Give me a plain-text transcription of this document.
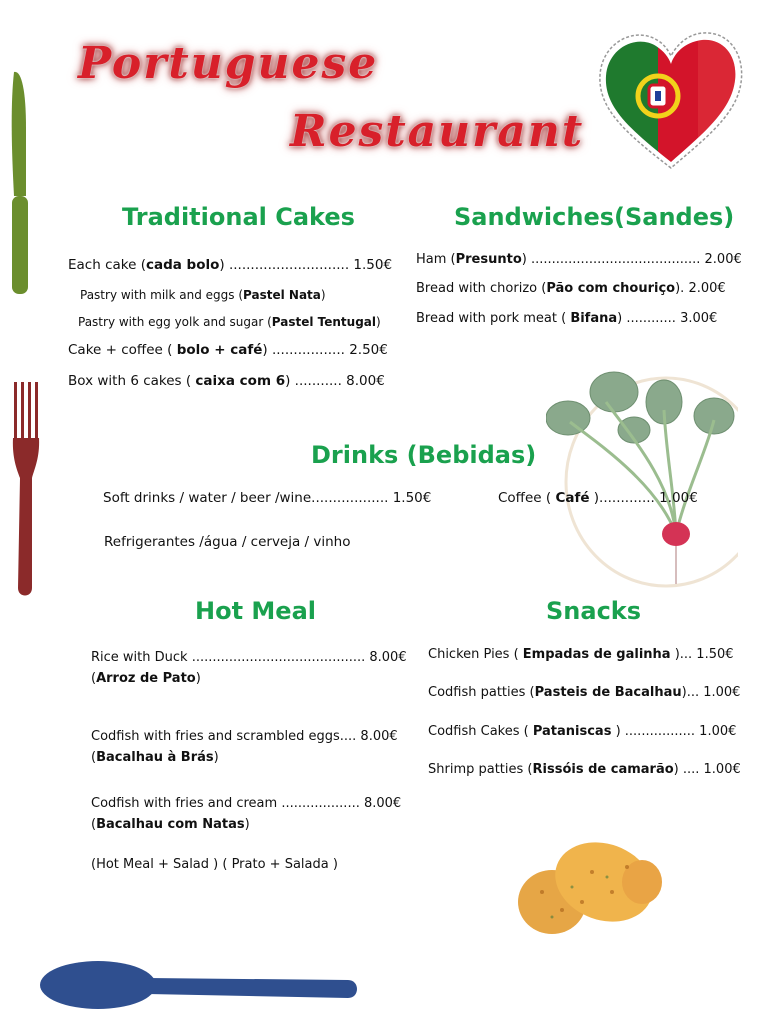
Portuguese
Restaurant
Traditional Cakes
Each cake (cada bolo) ............................ 1.50€
Pastry with milk and eggs (Pastel Nata)
Pastry with egg yolk and sugar (Pastel Tentugal)
Cake + coffee ( bolo + café) ................. 2.50€
Box with 6 cakes ( caixa com 6) ........... 8.00€
Sandwiches(Sandes)
Ham (Presunto) ......................................... 2.00€
Bread with chorizo (Pão com chouriço). 2.00€
Bread with pork meat ( Bifana) ............ 3.00€
Drinks (Bebidas)
Soft drinks / water / beer /wine.................. 1.50€	Coffee ( Café )............. 1.00€
Refrigerantes /água / cerveja / vinho
Hot Meal
Rice with Duck .......................................... 8.00€
(Arroz de Pato)
Codfish with fries and scrambled eggs.... 8.00€
(Bacalhau à Brás)
Codfish with fries and cream ................... 8.00€
(Bacalhau com Natas)
(Hot Meal + Salad ) ( Prato + Salada )
Snacks
Chicken Pies ( Empadas de galinha )... 1.50€
Codfish patties (Pasteis de Bacalhau)... 1.00€
Codfish Cakes ( Pataniscas ) ................. 1.00€
Shrimp patties (Rissóis de camarão) .... 1.00€
